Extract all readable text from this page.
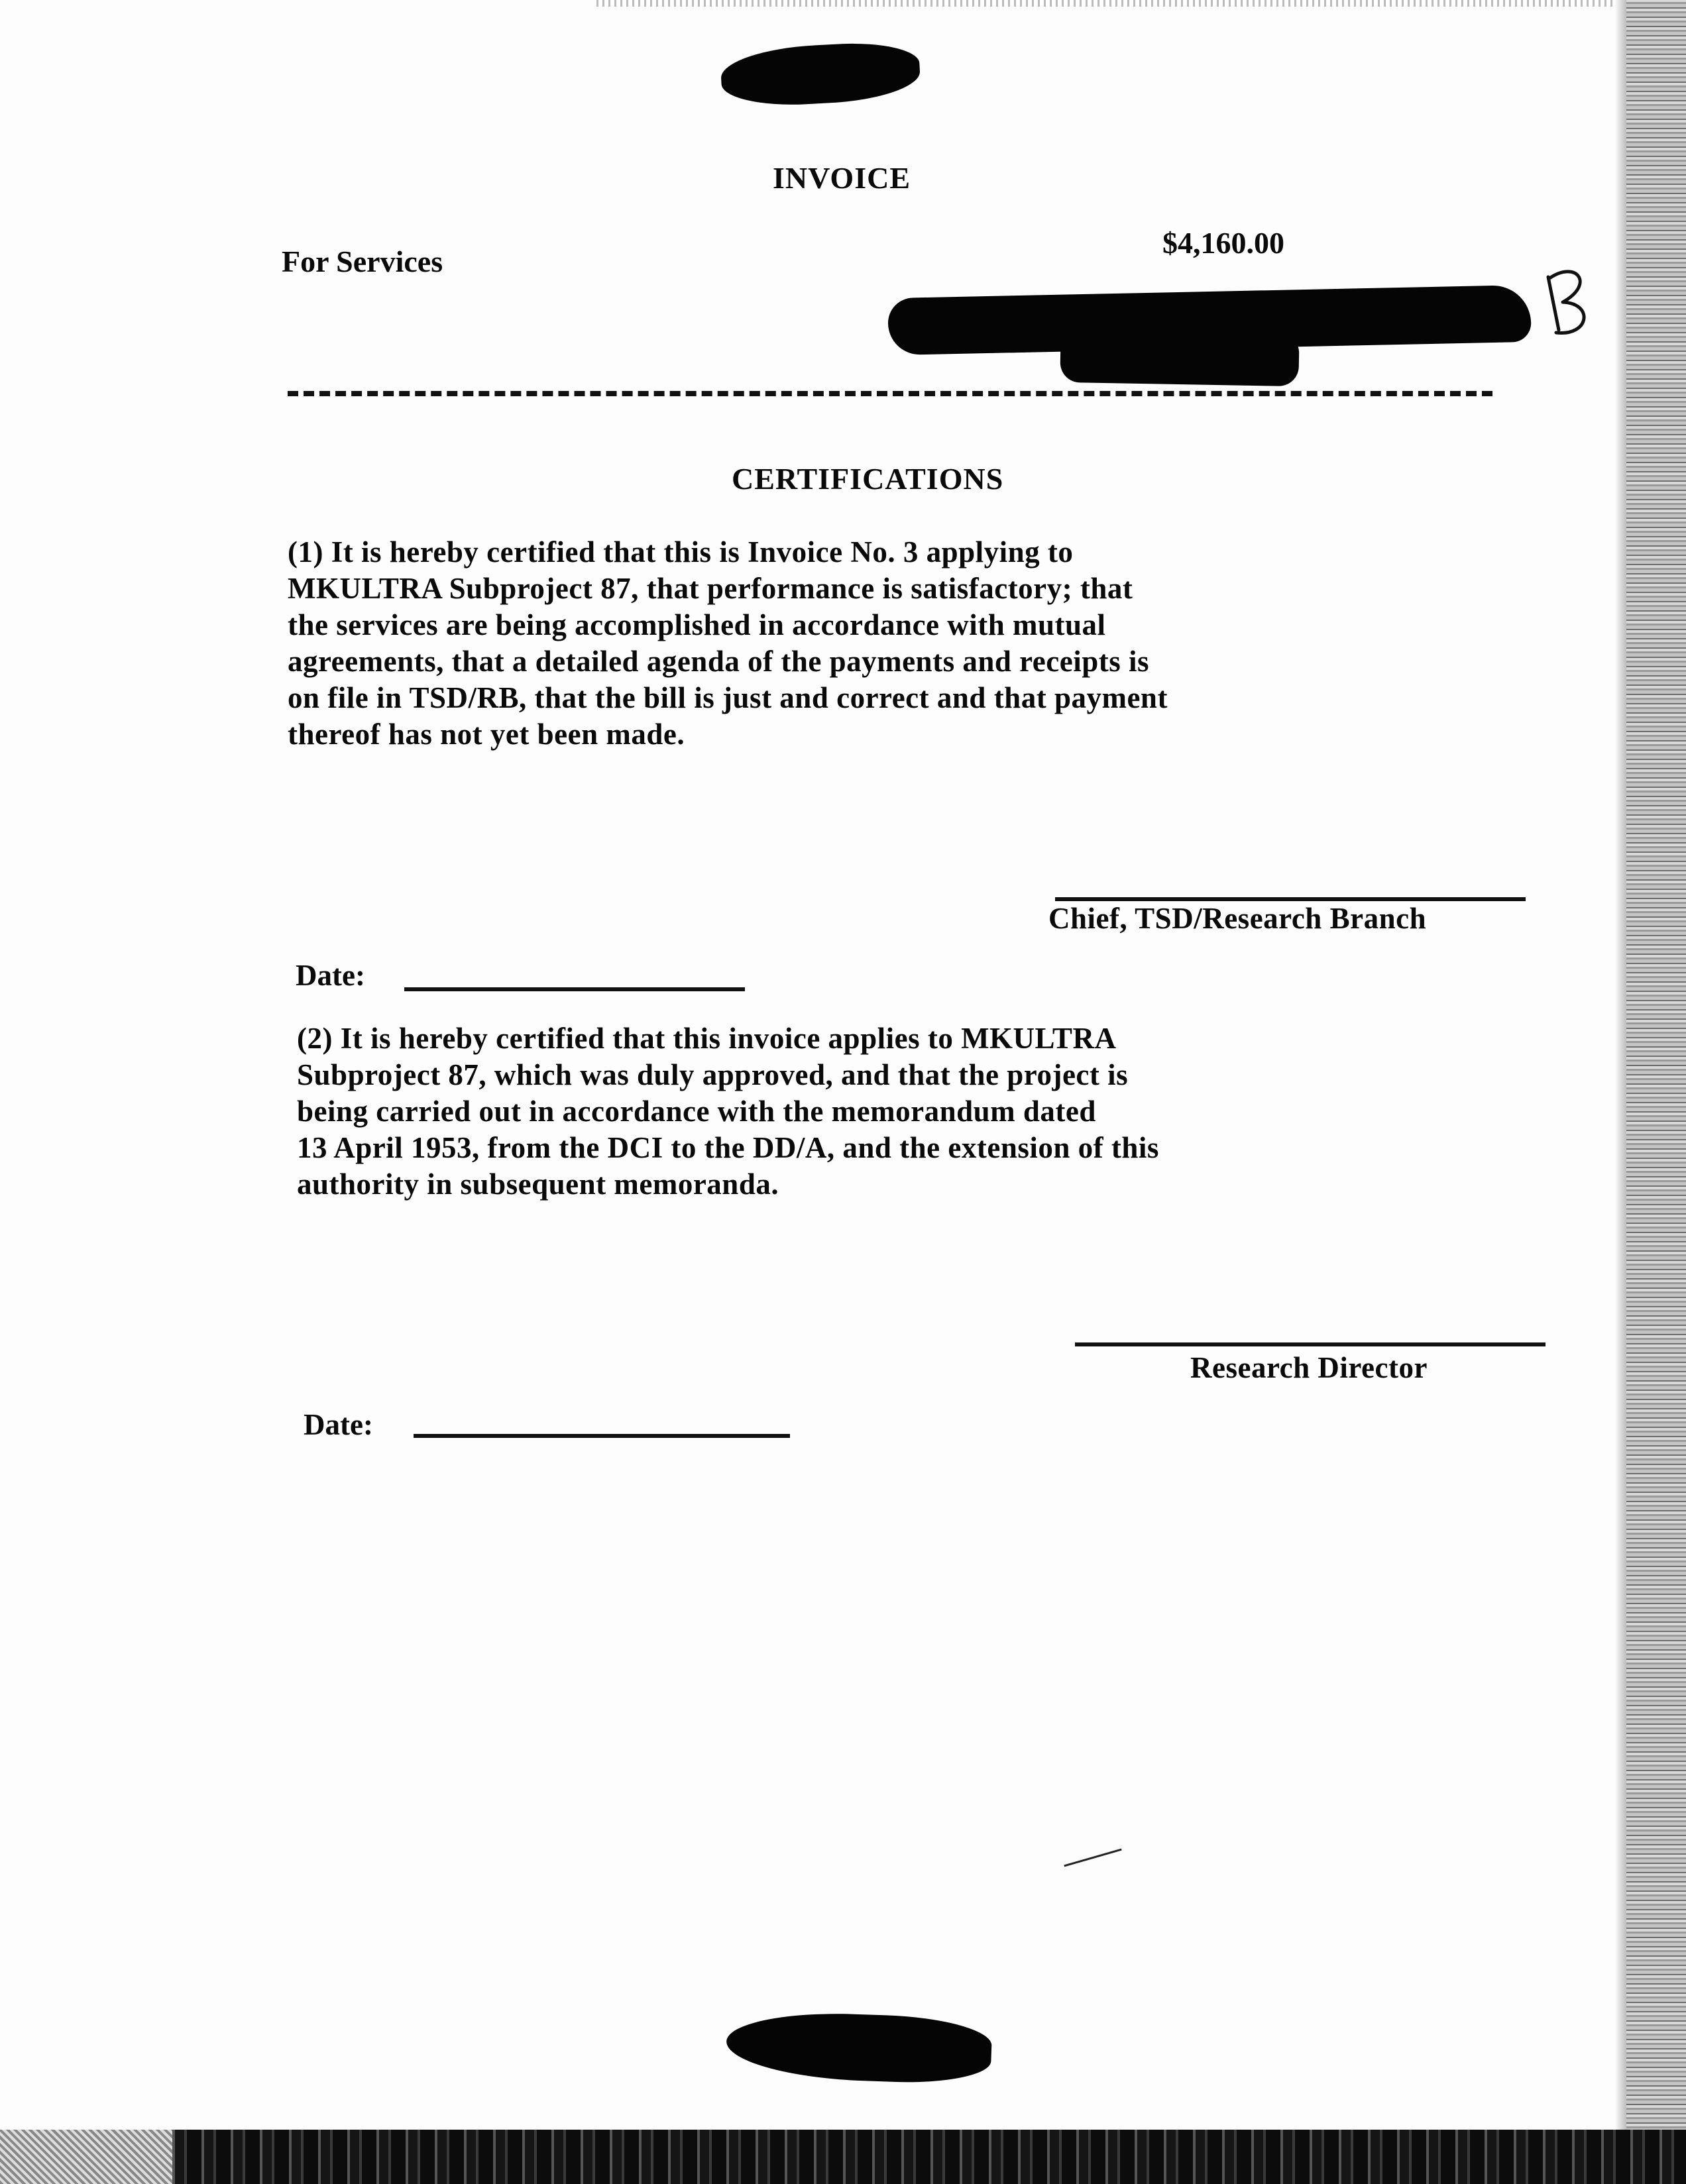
INVOICE
For Services
$4,160.00
CERTIFICATIONS
(1) It is hereby certified that this is Invoice No. 3 applying to
MKULTRA Subproject 87, that performance is satisfactory; that
the services are being accomplished in accordance with mutual
agreements, that a detailed agenda of the payments and receipts is
on file in TSD/RB, that the bill is just and correct and that payment
thereof has not yet been made.
Chief, TSD/Research Branch
Date:
(2) It is hereby certified that this invoice applies to MKULTRA
Subproject 87, which was duly approved, and that the project is
being carried out in accordance with the memorandum dated
13 April 1953, from the DCI to the DD/A, and the extension of this
authority in subsequent memoranda.
Research Director
Date:
